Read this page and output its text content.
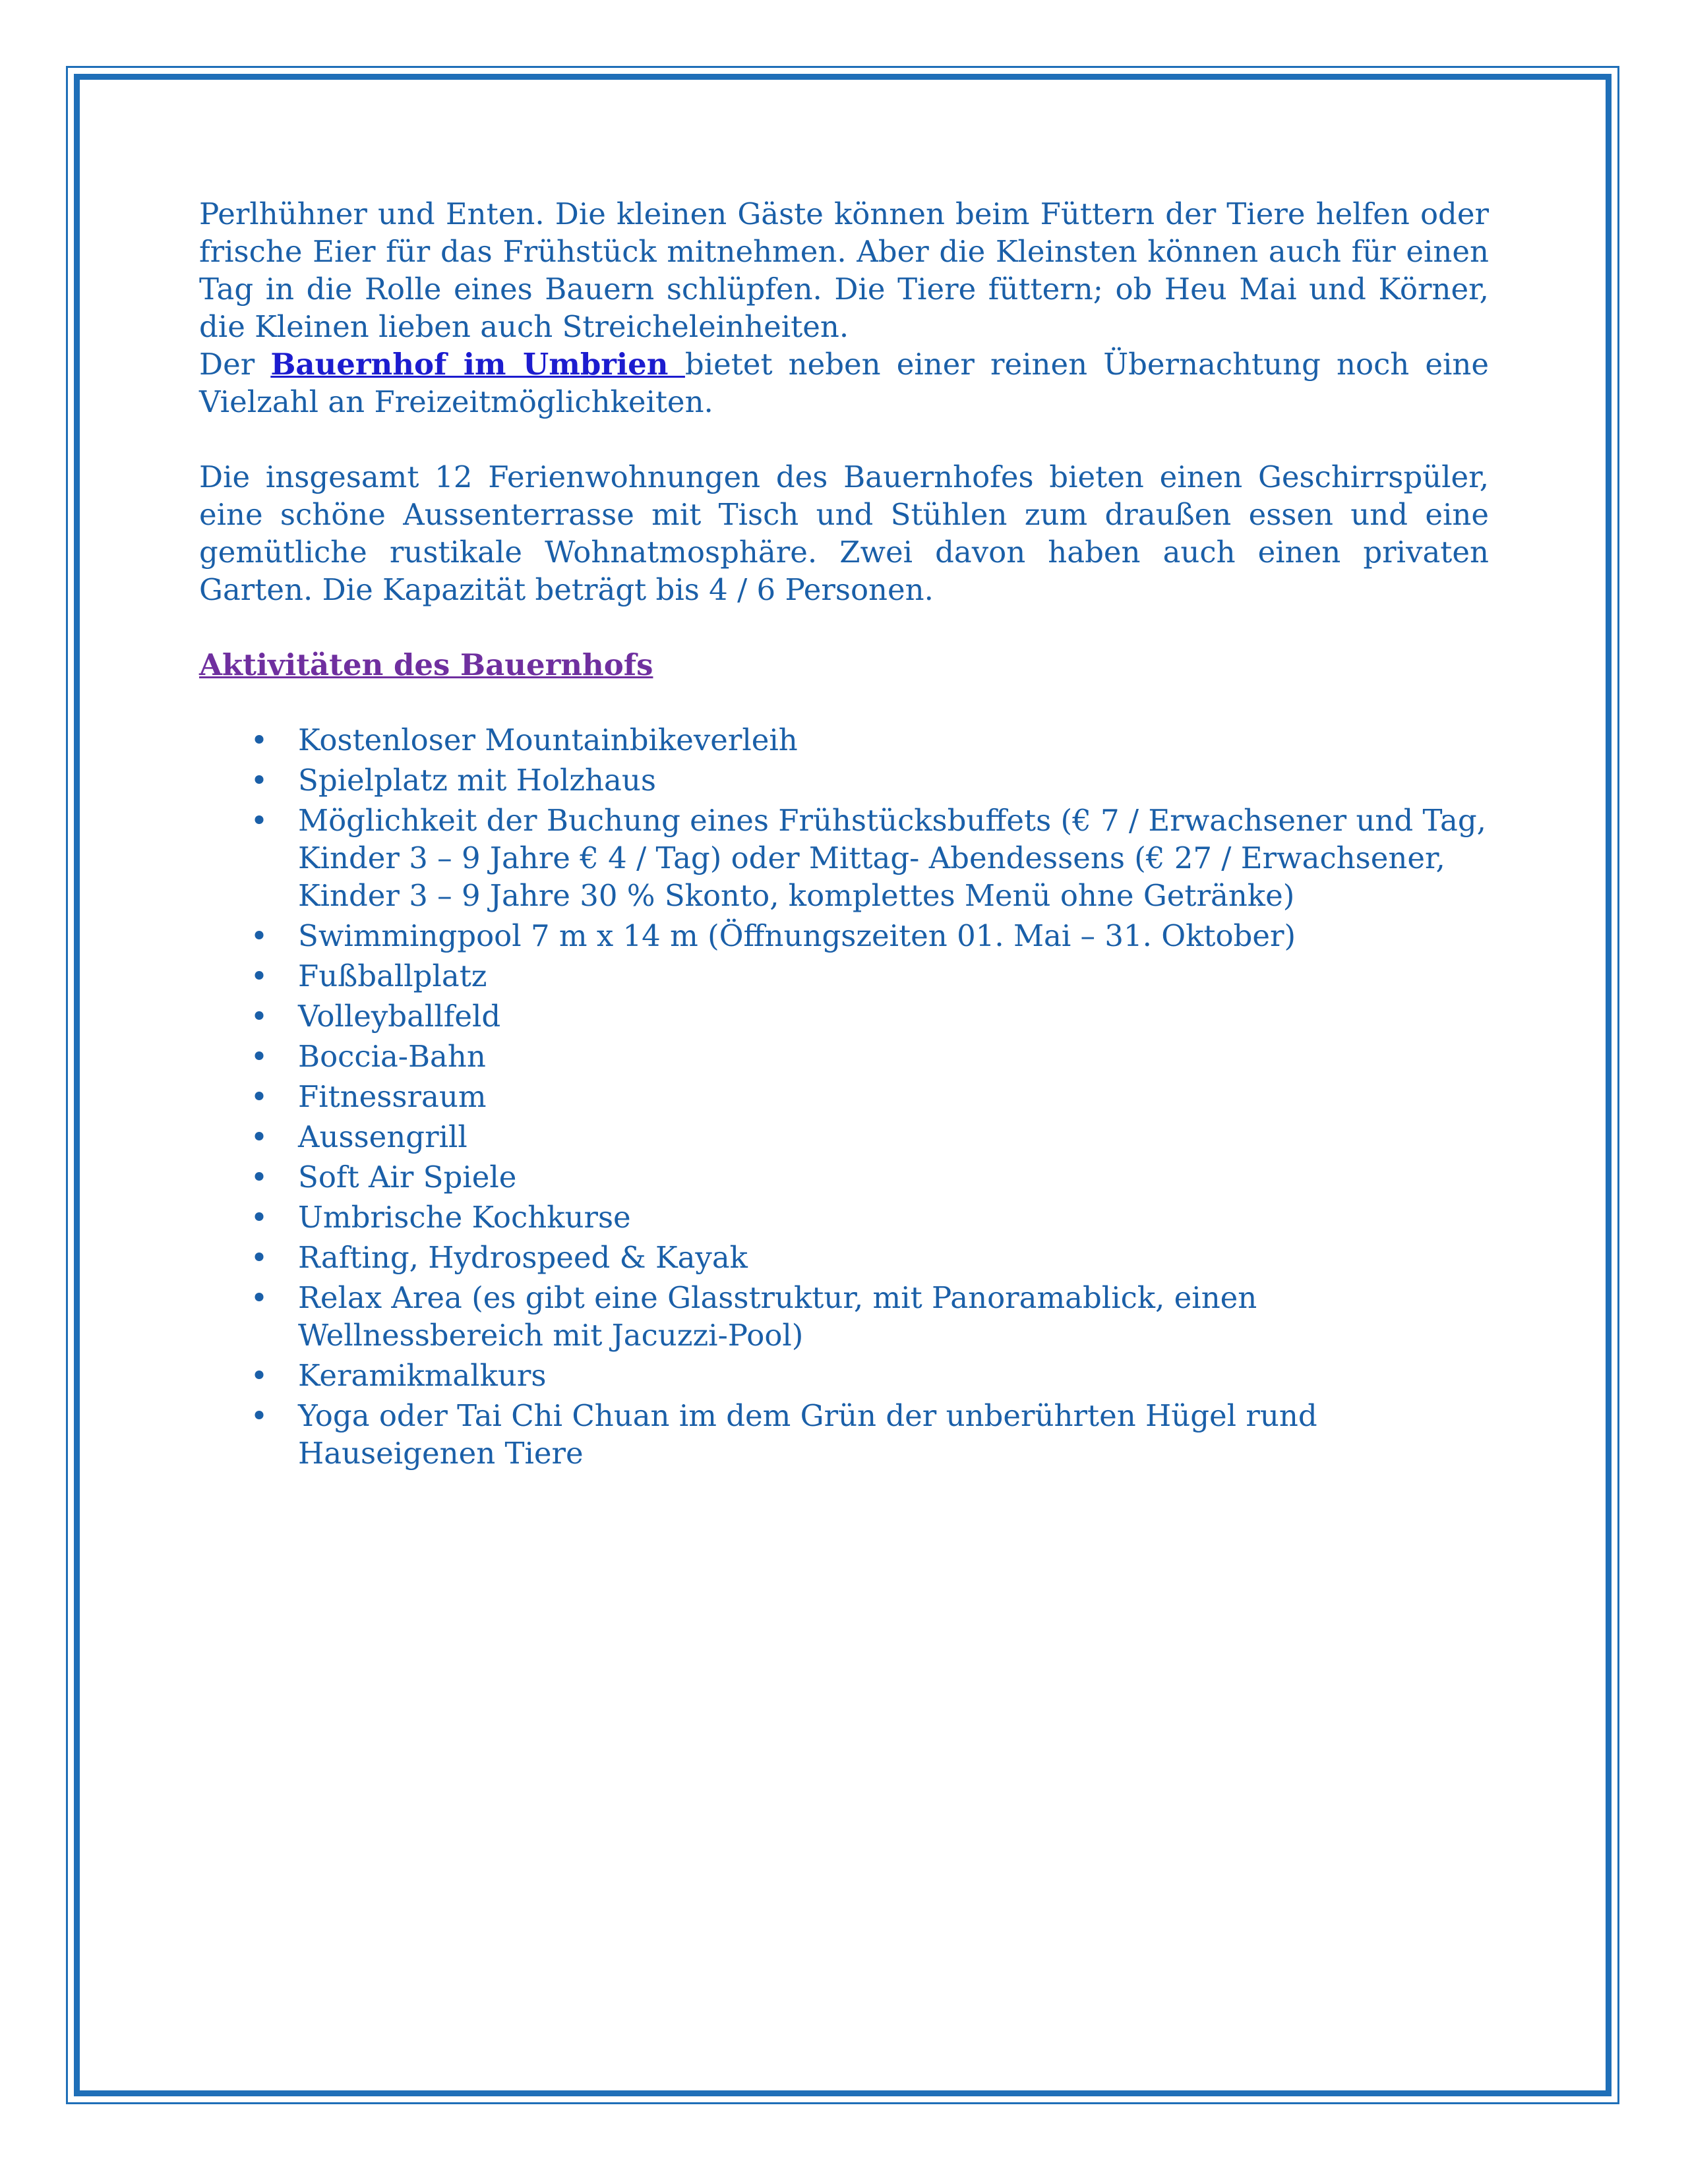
Perlhühner und Enten. Die kleinen Gäste können beim Füttern der Tiere helfen oder frische Eier für das Frühstück mitnehmen. Aber die Kleinsten können auch für einen Tag in die Rolle eines Bauern schlüpfen. Die Tiere füttern; ob Heu Mai und Körner, die Kleinen lieben auch Streicheleinheiten.
Der Bauernhof im Umbrien bietet neben einer reinen Übernachtung noch eine Vielzahl an Freizeitmöglichkeiten.

Die insgesamt 12 Ferienwohnungen des Bauernhofes bieten einen Geschirrspüler, eine schöne Aussenterrasse mit Tisch und Stühlen zum draußen essen und eine gemütliche rustikale Wohnatmosphäre. Zwei davon haben auch einen privaten Garten. Die Kapazität beträgt bis 4 / 6 Personen.

Aktivitäten des Bauernhofs

• Kostenloser Mountainbikeverleih
• Spielplatz mit Holzhaus
• Möglichkeit der Buchung eines Frühstücksbuffets (€ 7 / Erwachsener und Tag, Kinder 3 – 9 Jahre € 4 / Tag) oder Mittag- Abendessens (€ 27 / Erwachsener, Kinder 3 – 9 Jahre 30 % Skonto, komplettes Menü ohne Getränke)
• Swimmingpool 7 m x 14 m (Öffnungszeiten 01. Mai – 31. Oktober)
• Fußballplatz
• Volleyballfeld
• Boccia-Bahn
• Fitnessraum
• Aussengrill
• Soft Air Spiele
• Umbrische Kochkurse
• Rafting, Hydrospeed & Kayak
• Relax Area (es gibt eine Glasstruktur, mit Panoramablick, einen Wellnessbereich mit Jacuzzi-Pool)
• Keramikmalkurs
• Yoga oder Tai Chi Chuan im dem Grün der unberührten Hügel rund Hauseigenen Tiere
